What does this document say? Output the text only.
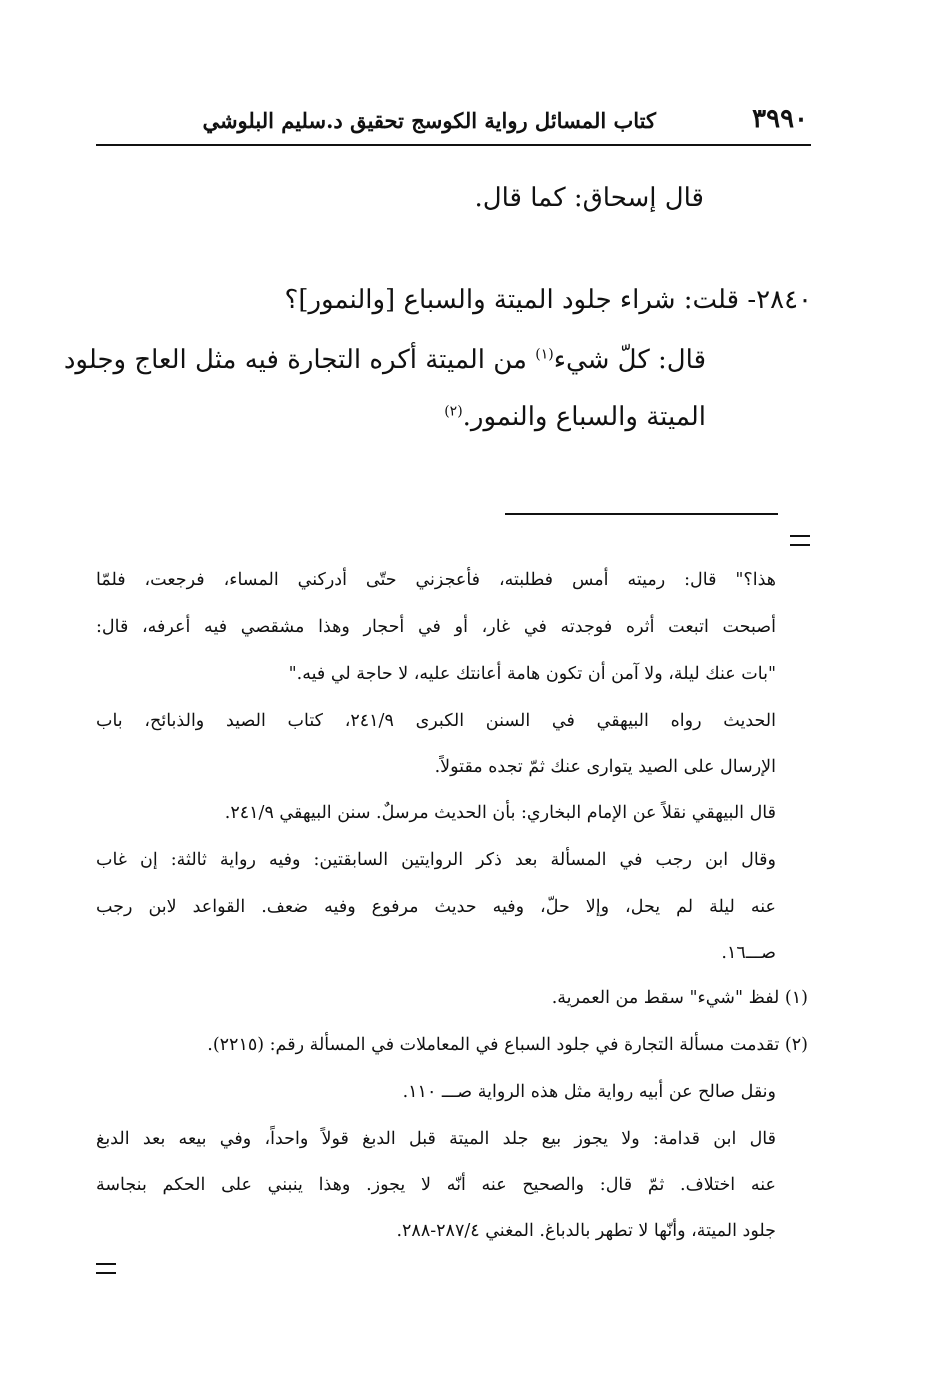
٣٩٩٠
كتاب المسائل رواية الكوسج تحقيق د.سليم البلوشي
قال إسحاق: كما قال.
٢٨٤٠- قلت: شراء جلود الميتة والسباع [والنمور]؟
قال: كلّ شيء$^{(١)}$ من الميتة أكره التجارة فيه مثل العاج وجلود
الميتة والسباع والنمور.$^{(٢)}$
هذا؟" قال: رميته أمس فطلبته، فأعجزني حتّى أدركني المساء، فرجعت، فلمّا
أصبحت اتبعت أثره فوجدته في غار، أو في أحجار وهذا مشقصي فيه أعرفه، قال:
"بات عنك ليلة، ولا آمن أن تكون هامة أعانتك عليه، لا حاجة لي فيه."
الحديث رواه البيهقي في السنن الكبرى ٢٤١/٩، كتاب الصيد والذبائح، باب
الإرسال على الصيد يتوارى عنك ثمّ تجده مقتولاً.
قال البيهقي نقلاً عن الإمام البخاري: بأن الحديث مرسلٌ. سنن البيهقي ٢٤١/٩.
وقال ابن رجب في المسألة بعد ذكر الروايتين السابقتين: وفيه رواية ثالثة: إن غاب
عنه ليلة لم يحل، وإلا حلّ، وفيه حديث مرفوع وفيه ضعف. القواعد لابن رجب
صـــ١٦.
(١) لفظ "شيء" سقط من العمرية.
(٢) تقدمت مسألة التجارة في جلود السباع في المعاملات في المسألة رقم: (٢٢١٥).
ونقل صالح عن أبيه رواية مثل هذه الرواية صـــ ١١٠.
قال ابن قدامة: ولا يجوز بيع جلد الميتة قبل الدبغ قولاً واحداً، وفي بيعه بعد الدبغ
عنه اختلاف. ثمّ قال: والصحيح عنه أنّه لا يجوز. وهذا ينبني على الحكم بنجاسة
جلود الميتة، وأنّها لا تطهر بالدباغ. المغني ٢٨٧/٤-٢٨٨.
